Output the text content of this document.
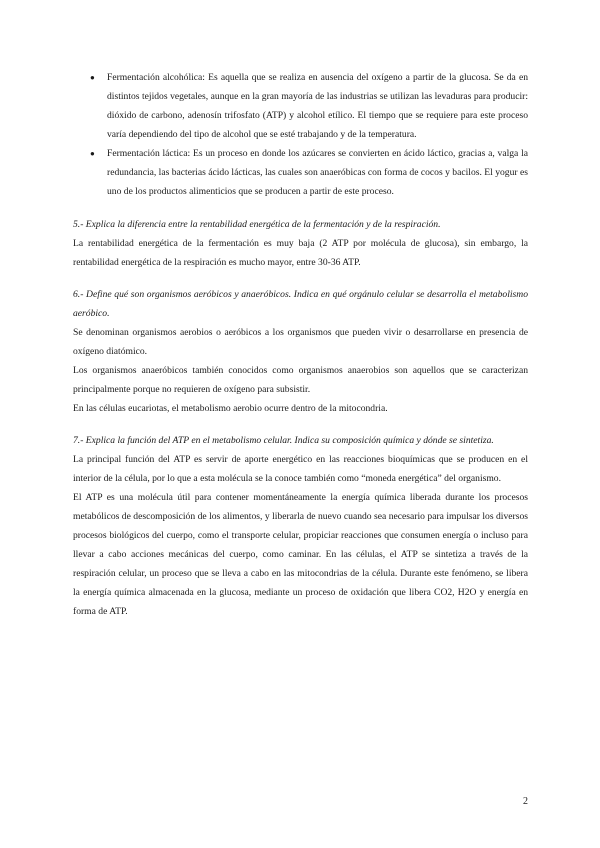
● Fermentación alcohólica: Es aquella que se realiza en ausencia del oxígeno a partir de la glucosa. Se da en distintos tejidos vegetales, aunque en la gran mayoría de las industrias se utilizan las levaduras para producir: dióxido de carbono, adenosín trifosfato (ATP) y alcohol etílico. El tiempo que se requiere para este proceso varía dependiendo del tipo de alcohol que se esté trabajando y de la temperatura.
● Fermentación láctica: Es un proceso en donde los azúcares se convierten en ácido láctico, gracias a, valga la redundancia, las bacterias ácido lácticas, las cuales son anaeróbicas con forma de cocos y bacilos. El yogur es uno de los productos alimenticios que se producen a partir de este proceso.

5.- Explica la diferencia entre la rentabilidad energética de la fermentación y de la respiración.

La rentabilidad energética de la fermentación es muy baja (2 ATP por molécula de glucosa), sin embargo, la rentabilidad energética de la respiración es mucho mayor, entre 30-36 ATP.

6.- Define qué son organismos aeróbicos y anaeróbicos. Indica en qué orgánulo celular se desarrolla el metabolismo aeróbico.

Se denominan organismos aerobios o aeróbicos a los organismos que pueden vivir o desarrollarse en presencia de oxígeno diatómico.

Los organismos anaeróbicos también conocidos como organismos anaerobios son aquellos que se caracterizan principalmente porque no requieren de oxígeno para subsistir.

En las células eucariotas, el metabolismo aerobio ocurre dentro de la mitocondria.

7.- Explica la función del ATP en el metabolismo celular. Indica su composición química y dónde se sintetiza.

La principal función del ATP es servir de aporte energético en las reacciones bioquímicas que se producen en el interior de la célula, por lo que a esta molécula se la conoce también como “moneda energética” del organismo.

El ATP es una molécula útil para contener momentáneamente la energía química liberada durante los procesos metabólicos de descomposición de los alimentos, y liberarla de nuevo cuando sea necesario para impulsar los diversos procesos biológicos del cuerpo, como el transporte celular, propiciar reacciones que consumen energía o incluso para llevar a cabo acciones mecánicas del cuerpo, como caminar. En las células, el ATP se sintetiza a través de la respiración celular, un proceso que se lleva a cabo en las mitocondrias de la célula. Durante este fenómeno, se libera la energía química almacenada en la glucosa, mediante un proceso de oxidación que libera CO2, H2O y energía en forma de ATP.

2
